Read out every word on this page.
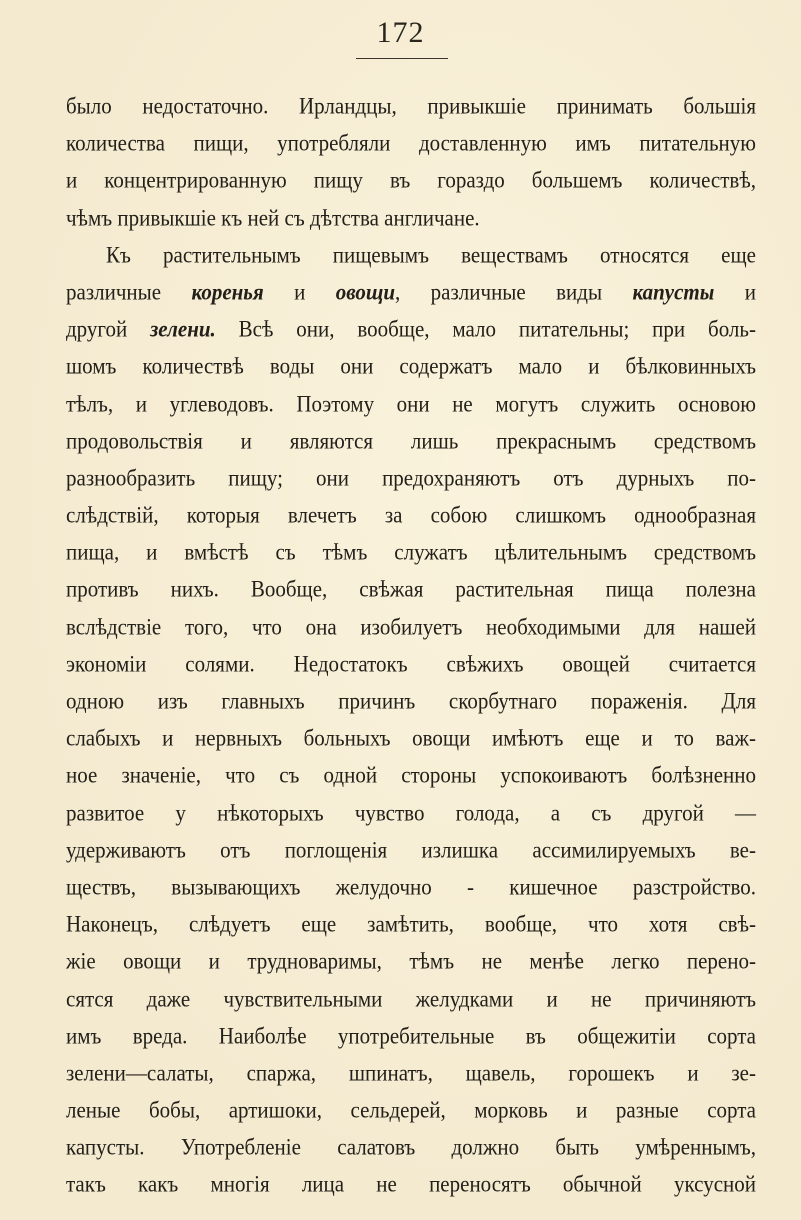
172
было недостаточно. Ирландцы, привыкшіе принимать большія
количества пищи, употребляли доставленную имъ питательную
и концентрированную пищу въ гораздо большемъ количествѣ,
чѣмъ привыкшіе къ ней съ дѣтства англичане.
Къ растительнымъ пищевымъ веществамъ относятся еще
различные коренья и овощи, различные виды капусты и
другой зелени. Всѣ они, вообще, мало питательны; при боль-
шомъ количествѣ воды они содержатъ мало и бѣлковинныхъ
тѣлъ, и углеводовъ. Поэтому они не могутъ служить основою
продовольствія и являются лишь прекраснымъ средствомъ
разнообразить пищу; они предохраняютъ отъ дурныхъ по-
слѣдствій, которыя влечетъ за собою слишкомъ однообразная
пища, и вмѣстѣ съ тѣмъ служатъ цѣлительнымъ средствомъ
противъ нихъ. Вообще, свѣжая растительная пища полезна
вслѣдствіе того, что она изобилуетъ необходимыми для нашей
экономіи солями. Недостатокъ свѣжихъ овощей считается
одною изъ главныхъ причинъ скорбутнаго пораженія. Для
слабыхъ и нервныхъ больныхъ овощи имѣютъ еще и то важ-
ное значеніе, что съ одной стороны успокоиваютъ болѣзненно
развитое у нѣкоторыхъ чувство голода, а съ другой —
удерживаютъ отъ поглощенія излишка ассимилируемыхъ ве-
ществъ, вызывающихъ желудочно - кишечное разстройство.
Наконецъ, слѣдуетъ еще замѣтить, вообще, что хотя свѣ-
жіе овощи и трудноваримы, тѣмъ не менѣе легко перено-
сятся даже чувствительными желудками и не причиняютъ
имъ вреда. Наиболѣе употребительные въ общежитіи сорта
зелени—салаты, спаржа, шпинатъ, щавель, горошекъ и зе-
леные бобы, артишоки, сельдерей, морковь и разные сорта
капусты. Употребленіе салатовъ должно быть умѣреннымъ,
такъ какъ многія лица не переносятъ обычной уксусной
